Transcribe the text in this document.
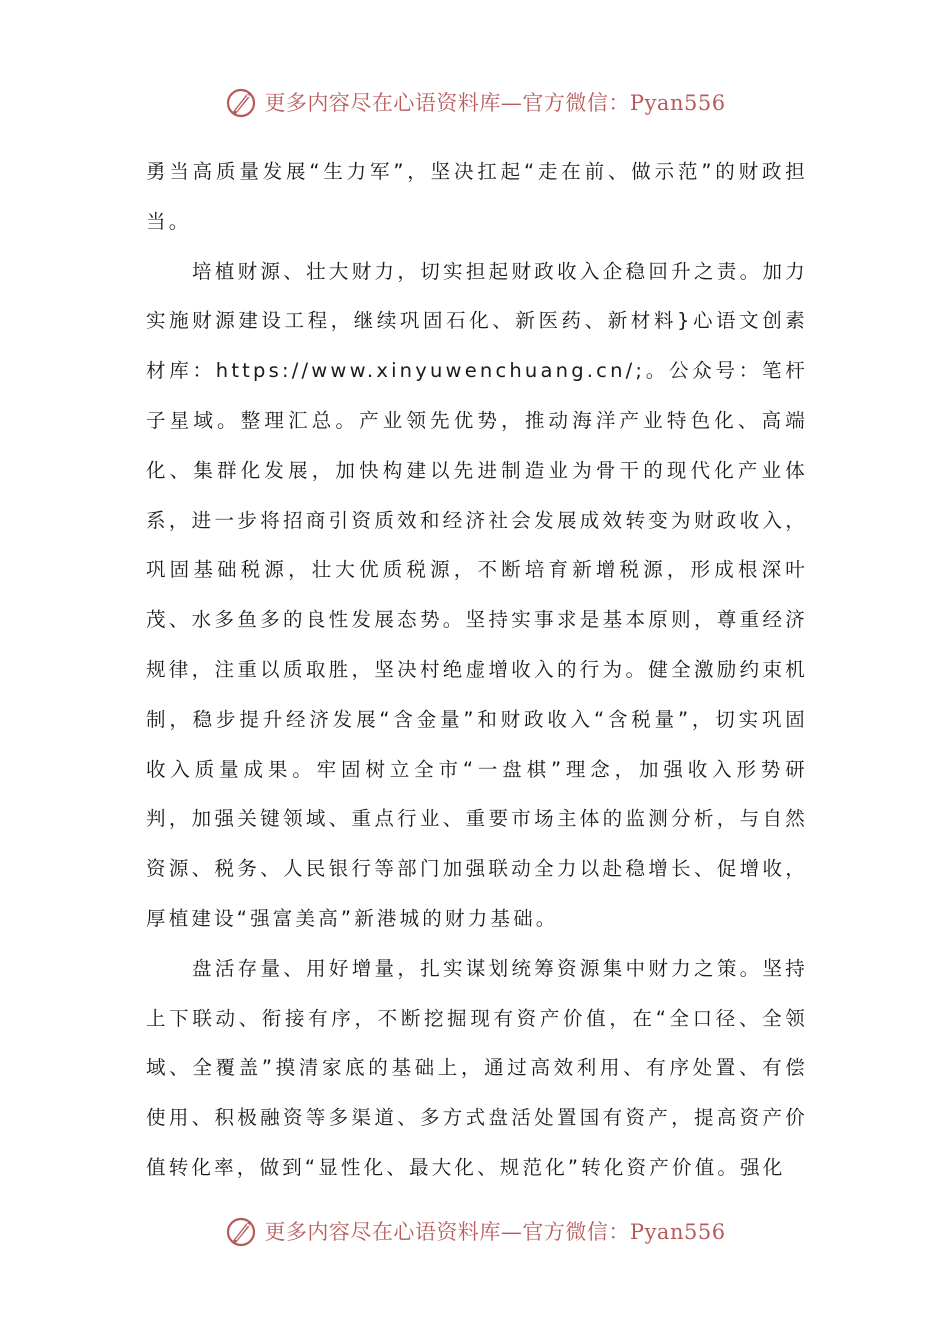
更多内容尽在心语资料库—官方微信：Pyan556

勇当高质量发展“生力军”，坚决扛起“走在前、做示范”的财政担当。

培植财源、壮大财力，切实担起财政收入企稳回升之责。加力实施财源建设工程，继续巩固石化、新医药、新材料}心语文创素材库：https://www.xinyuwenchuang.cn/;。公众号：笔杆子星域。整理汇总。产业领先优势，推动海洋产业特色化、高端化、集群化发展，加快构建以先进制造业为骨干的现代化产业体系，进一步将招商引资质效和经济社会发展成效转变为财政收入，巩固基础税源，壮大优质税源，不断培育新增税源，形成根深叶茂、水多鱼多的良性发展态势。坚持实事求是基本原则，尊重经济规律，注重以质取胜，坚决村绝虚增收入的行为。健全激励约束机制，稳步提升经济发展“含金量”和财政收入“含税量”，切实巩固收入质量成果。牢固树立全市“一盘棋”理念，加强收入形势研判，加强关键领域、重点行业、重要市场主体的监测分析，与自然资源、税务、人民银行等部门加强联动全力以赴稳增长、促增收，厚植建设“强富美高”新港城的财力基础。

盘活存量、用好增量，扎实谋划统筹资源集中财力之策。坚持上下联动、衔接有序，不断挖掘现有资产价值，在“全口径、全领域、全覆盖”摸清家底的基础上，通过高效利用、有序处置、有偿使用、积极融资等多渠道、多方式盘活处置国有资产，提高资产价值转化率，做到“显性化、最大化、规范化”转化资产价值。强化

更多内容尽在心语资料库—官方微信：Pyan556
